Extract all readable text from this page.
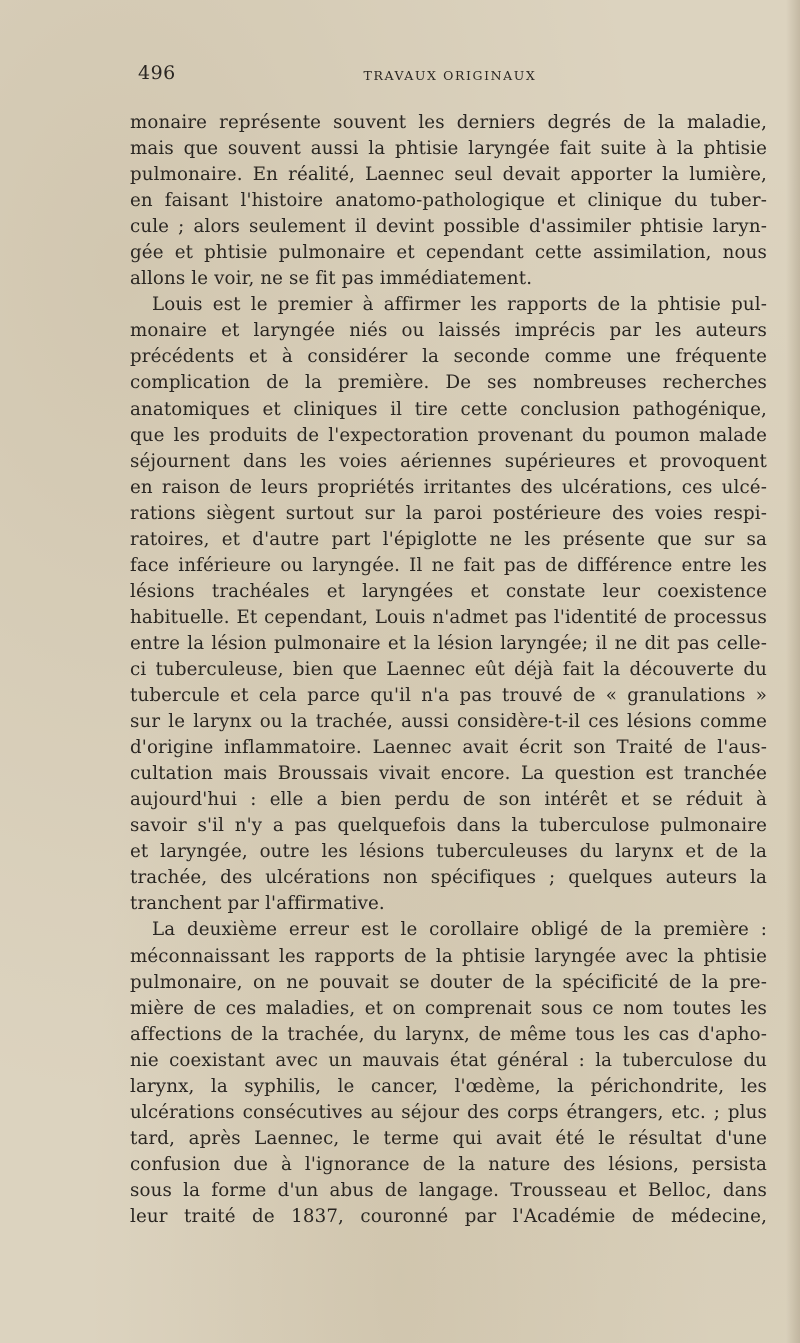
496	TRAVAUX ORIGINAUX
monaire représente souvent les derniers degrés de la maladie,
mais que souvent aussi la phtisie laryngée fait suite à la phtisie
pulmonaire. En réalité, Laennec seul devait apporter la lumière,
en faisant l'histoire anatomo-pathologique et clinique du tuber-
cule ; alors seulement il devint possible d'assimiler phtisie laryn-
gée et phtisie pulmonaire et cependant cette assimilation, nous
allons le voir, ne se fit pas immédiatement.
Louis est le premier à affirmer les rapports de la phtisie pul-
monaire et laryngée niés ou laissés imprécis par les auteurs
précédents et à considérer la seconde comme une fréquente
complication de la première. De ses nombreuses recherches
anatomiques et cliniques il tire cette conclusion pathogénique,
que les produits de l'expectoration provenant du poumon malade
séjournent dans les voies aériennes supérieures et provoquent
en raison de leurs propriétés irritantes des ulcérations, ces ulcé-
rations siègent surtout sur la paroi postérieure des voies respi-
ratoires, et d'autre part l'épiglotte ne les présente que sur sa
face inférieure ou laryngée. Il ne fait pas de différence entre les
lésions trachéales et laryngées et constate leur coexistence
habituelle. Et cependant, Louis n'admet pas l'identité de processus
entre la lésion pulmonaire et la lésion laryngée; il ne dit pas celle-
ci tuberculeuse, bien que Laennec eût déjà fait la découverte du
tubercule et cela parce qu'il n'a pas trouvé de « granulations »
sur le larynx ou la trachée, aussi considère-t-il ces lésions comme
d'origine inflammatoire. Laennec avait écrit son Traité de l'aus-
cultation mais Broussais vivait encore. La question est tranchée
aujourd'hui : elle a bien perdu de son intérêt et se réduit à
savoir s'il n'y a pas quelquefois dans la tuberculose pulmonaire
et laryngée, outre les lésions tuberculeuses du larynx et de la
trachée, des ulcérations non spécifiques ; quelques auteurs la
tranchent par l'affirmative.
La deuxième erreur est le corollaire obligé de la première :
méconnaissant les rapports de la phtisie laryngée avec la phtisie
pulmonaire, on ne pouvait se douter de la spécificité de la pre-
mière de ces maladies, et on comprenait sous ce nom toutes les
affections de la trachée, du larynx, de même tous les cas d'apho-
nie coexistant avec un mauvais état général : la tuberculose du
larynx, la syphilis, le cancer, l'œdème, la périchondrite, les
ulcérations consécutives au séjour des corps étrangers, etc. ; plus
tard, après Laennec, le terme qui avait été le résultat d'une
confusion due à l'ignorance de la nature des lésions, persista
sous la forme d'un abus de langage. Trousseau et Belloc, dans
leur traité de 1837, couronné par l'Académie de médecine,
